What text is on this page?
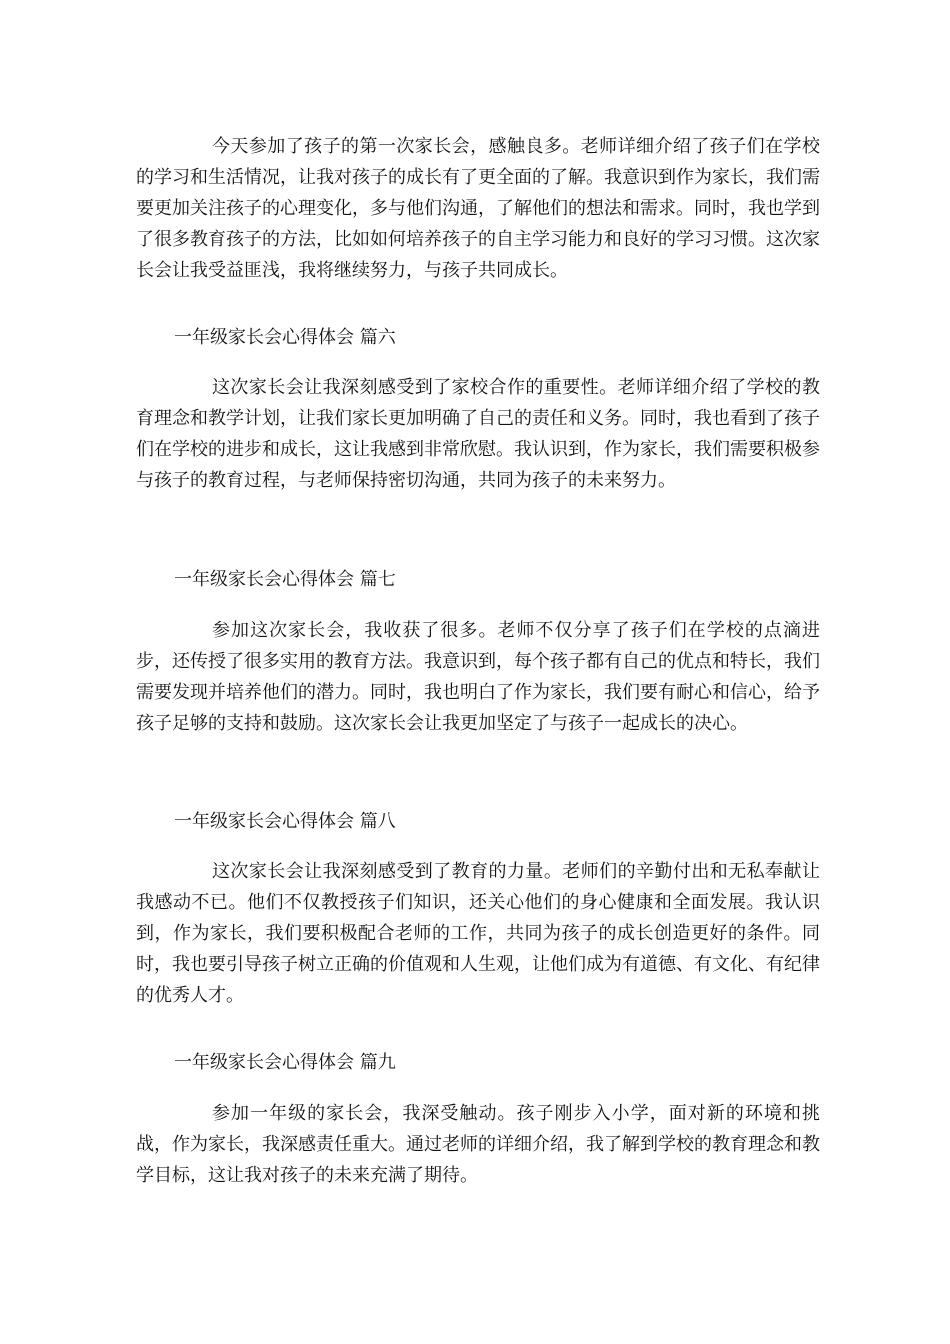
今天参加了孩子的第一次家长会，感触良多。老师详细介绍了孩子们在学校的学习和生活情况，让我对孩子的成长有了更全面的了解。我意识到作为家长，我们需要更加关注孩子的心理变化，多与他们沟通，了解他们的想法和需求。同时，我也学到了很多教育孩子的方法，比如如何培养孩子的自主学习能力和良好的学习习惯。这次家长会让我受益匪浅，我将继续努力，与孩子共同成长。

一年级家长会心得体会 篇六

这次家长会让我深刻感受到了家校合作的重要性。老师详细介绍了学校的教育理念和教学计划，让我们家长更加明确了自己的责任和义务。同时，我也看到了孩子们在学校的进步和成长，这让我感到非常欣慰。我认识到，作为家长，我们需要积极参与孩子的教育过程，与老师保持密切沟通，共同为孩子的未来努力。

一年级家长会心得体会 篇七

参加这次家长会，我收获了很多。老师不仅分享了孩子们在学校的点滴进步，还传授了很多实用的教育方法。我意识到，每个孩子都有自己的优点和特长，我们需要发现并培养他们的潜力。同时，我也明白了作为家长，我们要有耐心和信心，给予孩子足够的支持和鼓励。这次家长会让我更加坚定了与孩子一起成长的决心。

一年级家长会心得体会 篇八

这次家长会让我深刻感受到了教育的力量。老师们的辛勤付出和无私奉献让我感动不已。他们不仅教授孩子们知识，还关心他们的身心健康和全面发展。我认识到，作为家长，我们要积极配合老师的工作，共同为孩子的成长创造更好的条件。同时，我也要引导孩子树立正确的价值观和人生观，让他们成为有道德、有文化、有纪律的优秀人才。

一年级家长会心得体会 篇九

参加一年级的家长会，我深受触动。孩子刚步入小学，面对新的环境和挑战，作为家长，我深感责任重大。通过老师的详细介绍，我了解到学校的教育理念和教学目标，这让我对孩子的未来充满了期待。
